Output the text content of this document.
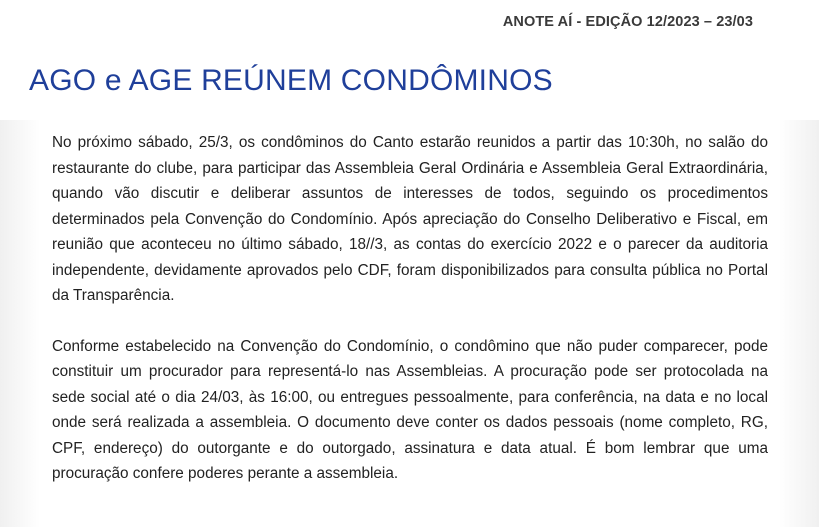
ANOTE AÍ - EDIÇÃO 12/2023 – 23/03
AGO e AGE REÚNEM CONDÔMINOS

No próximo sábado, 25/3, os condôminos do Canto estarão reunidos a partir das 10:30h, no salão do restaurante do clube, para participar das Assembleia Geral Ordinária e Assembleia Geral Extraordinária, quando vão discutir e deliberar assuntos de interesses de todos, seguindo os procedimentos determinados pela Convenção do Condomínio. Após apreciação do Conselho Deliberativo e Fiscal, em reunião que aconteceu no último sábado, 18//3, as contas do exercício 2022 e o parecer da auditoria independente, devidamente aprovados pelo CDF, foram disponibilizados para consulta pública no Portal da Transparência.

Conforme estabelecido na Convenção do Condomínio, o condômino que não puder comparecer, pode constituir um procurador para representá-lo nas Assembleias. A procuração pode ser protocolada na sede social até o dia 24/03, às 16:00, ou entregues pessoalmente, para conferência, na data e no local onde será realizada a assembleia. O documento deve conter os dados pessoais (nome completo, RG, CPF, endereço) do outorgante e do outorgado, assinatura e data atual. É bom lembrar que uma procuração confere poderes perante a assembleia.
